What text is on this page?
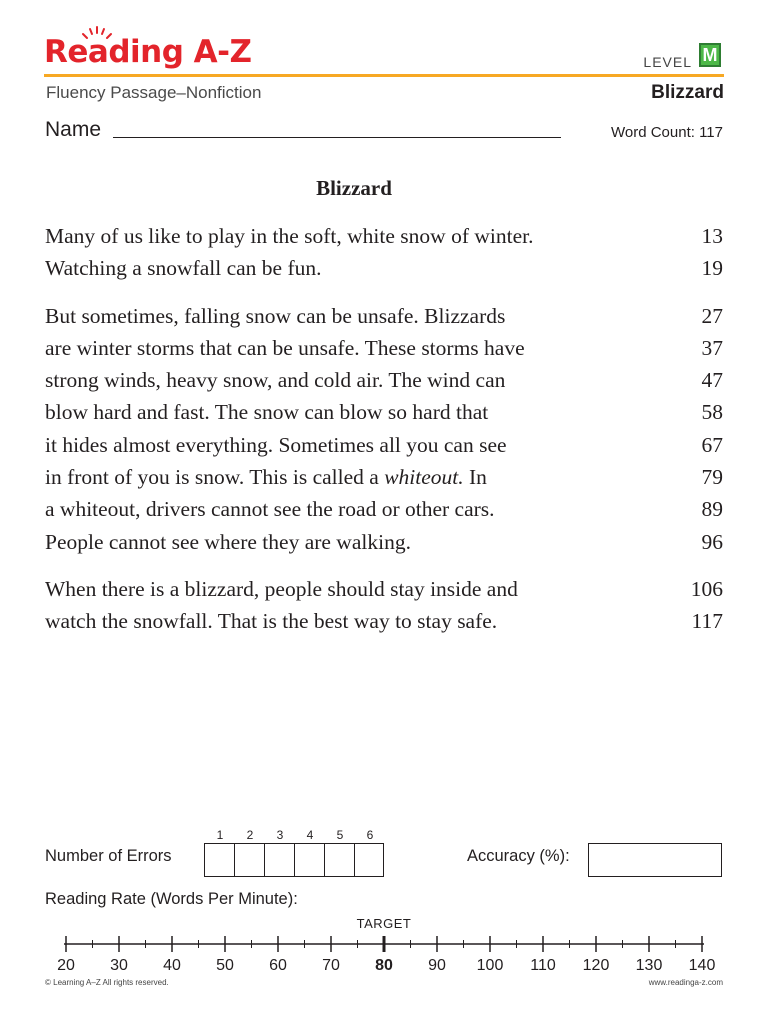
Reading A-Z	LEVEL M
Fluency Passage–Nonfiction	Blizzard
Name	Word Count: 117
Blizzard
Many of us like to play in the soft, white snow of winter.	13
Watching a snowfall can be fun.	19
But sometimes, falling snow can be unsafe. Blizzards	27
are winter storms that can be unsafe. These storms have	37
strong winds, heavy snow, and cold air. The wind can	47
blow hard and fast. The snow can blow so hard that	58
it hides almost everything. Sometimes all you can see	67
in front of you is snow. This is called a whiteout. In	79
a whiteout, drivers cannot see the road or other cars.	89
People cannot see where they are walking.	96
When there is a blizzard, people should stay inside and	106
watch the snowfall. That is the best way to stay safe.	117
1	2	3	4	5	6
Number of Errors	Accuracy (%):
Reading Rate (Words Per Minute):
TARGET
20 30 40 50 60 70 80 90 100 110 120 130 140
© Learning A–Z All rights reserved.	www.readinga-z.com
